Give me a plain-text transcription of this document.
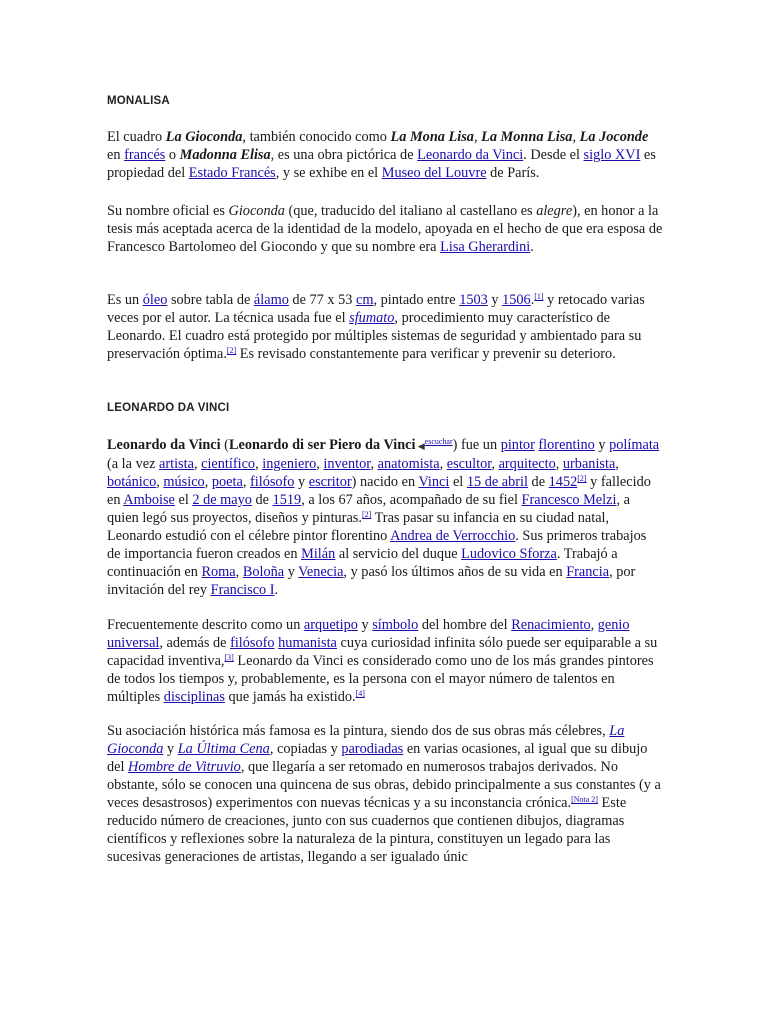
MONALISA

El cuadro La Gioconda, también conocido como La Mona Lisa, La Monna Lisa, La Joconde en francés o Madonna Elisa, es una obra pictórica de Leonardo da Vinci. Desde el siglo XVI es propiedad del Estado Francés, y se exhibe en el Museo del Louvre de París.

Su nombre oficial es Gioconda (que, traducido del italiano al castellano es alegre), en honor a la tesis más aceptada acerca de la identidad de la modelo, apoyada en el hecho de que era esposa de Francesco Bartolomeo del Giocondo y que su nombre era Lisa Gherardini.

Es un óleo sobre tabla de álamo de 77 x 53 cm, pintado entre 1503 y 1506.[1] y retocado varias veces por el autor. La técnica usada fue el sfumato, procedimiento muy característico de Leonardo. El cuadro está protegido por múltiples sistemas de seguridad y ambientado para su preservación óptima.[2] Es revisado constantemente para verificar y prevenir su deterioro.

LEONARDO DA VINCI

Leonardo da Vinci (Leonardo di ser Piero da Vinci ◀$^{escuchar}$) fue un pintor florentino y polímata (a la vez artista, científico, ingeniero, inventor, anatomista, escultor, arquitecto, urbanista, botánico, músico, poeta, filósofo y escritor) nacido en Vinci el 15 de abril de 1452[2] y fallecido en Amboise el 2 de mayo de 1519, a los 67 años, acompañado de su fiel Francesco Melzi, a quien legó sus proyectos, diseños y pinturas.[2] Tras pasar su infancia en su ciudad natal, Leonardo estudió con el célebre pintor florentino Andrea de Verrocchio. Sus primeros trabajos de importancia fueron creados en Milán al servicio del duque Ludovico Sforza. Trabajó a continuación en Roma, Boloña y Venecia, y pasó los últimos años de su vida en Francia, por invitación del rey Francisco I.

Frecuentemente descrito como un arquetipo y símbolo del hombre del Renacimiento, genio universal, además de filósofo humanista cuya curiosidad infinita sólo puede ser equiparable a su capacidad inventiva,[3] Leonardo da Vinci es considerado como uno de los más grandes pintores de todos los tiempos y, probablemente, es la persona con el mayor número de talentos en múltiples disciplinas que jamás ha existido.[4]

Su asociación histórica más famosa es la pintura, siendo dos de sus obras más célebres, La Gioconda y La Última Cena, copiadas y parodiadas en varias ocasiones, al igual que su dibujo del Hombre de Vitruvio, que llegaría a ser retomado en numerosos trabajos derivados. No obstante, sólo se conocen una quincena de sus obras, debido principalmente a sus constantes (y a veces desastrosos) experimentos con nuevas técnicas y a su inconstancia crónica.[Nota 2] Este reducido número de creaciones, junto con sus cuadernos que contienen dibujos, diagramas científicos y reflexiones sobre la naturaleza de la pintura, constituyen un legado para las sucesivas generaciones de artistas, llegando a ser igualado únic
